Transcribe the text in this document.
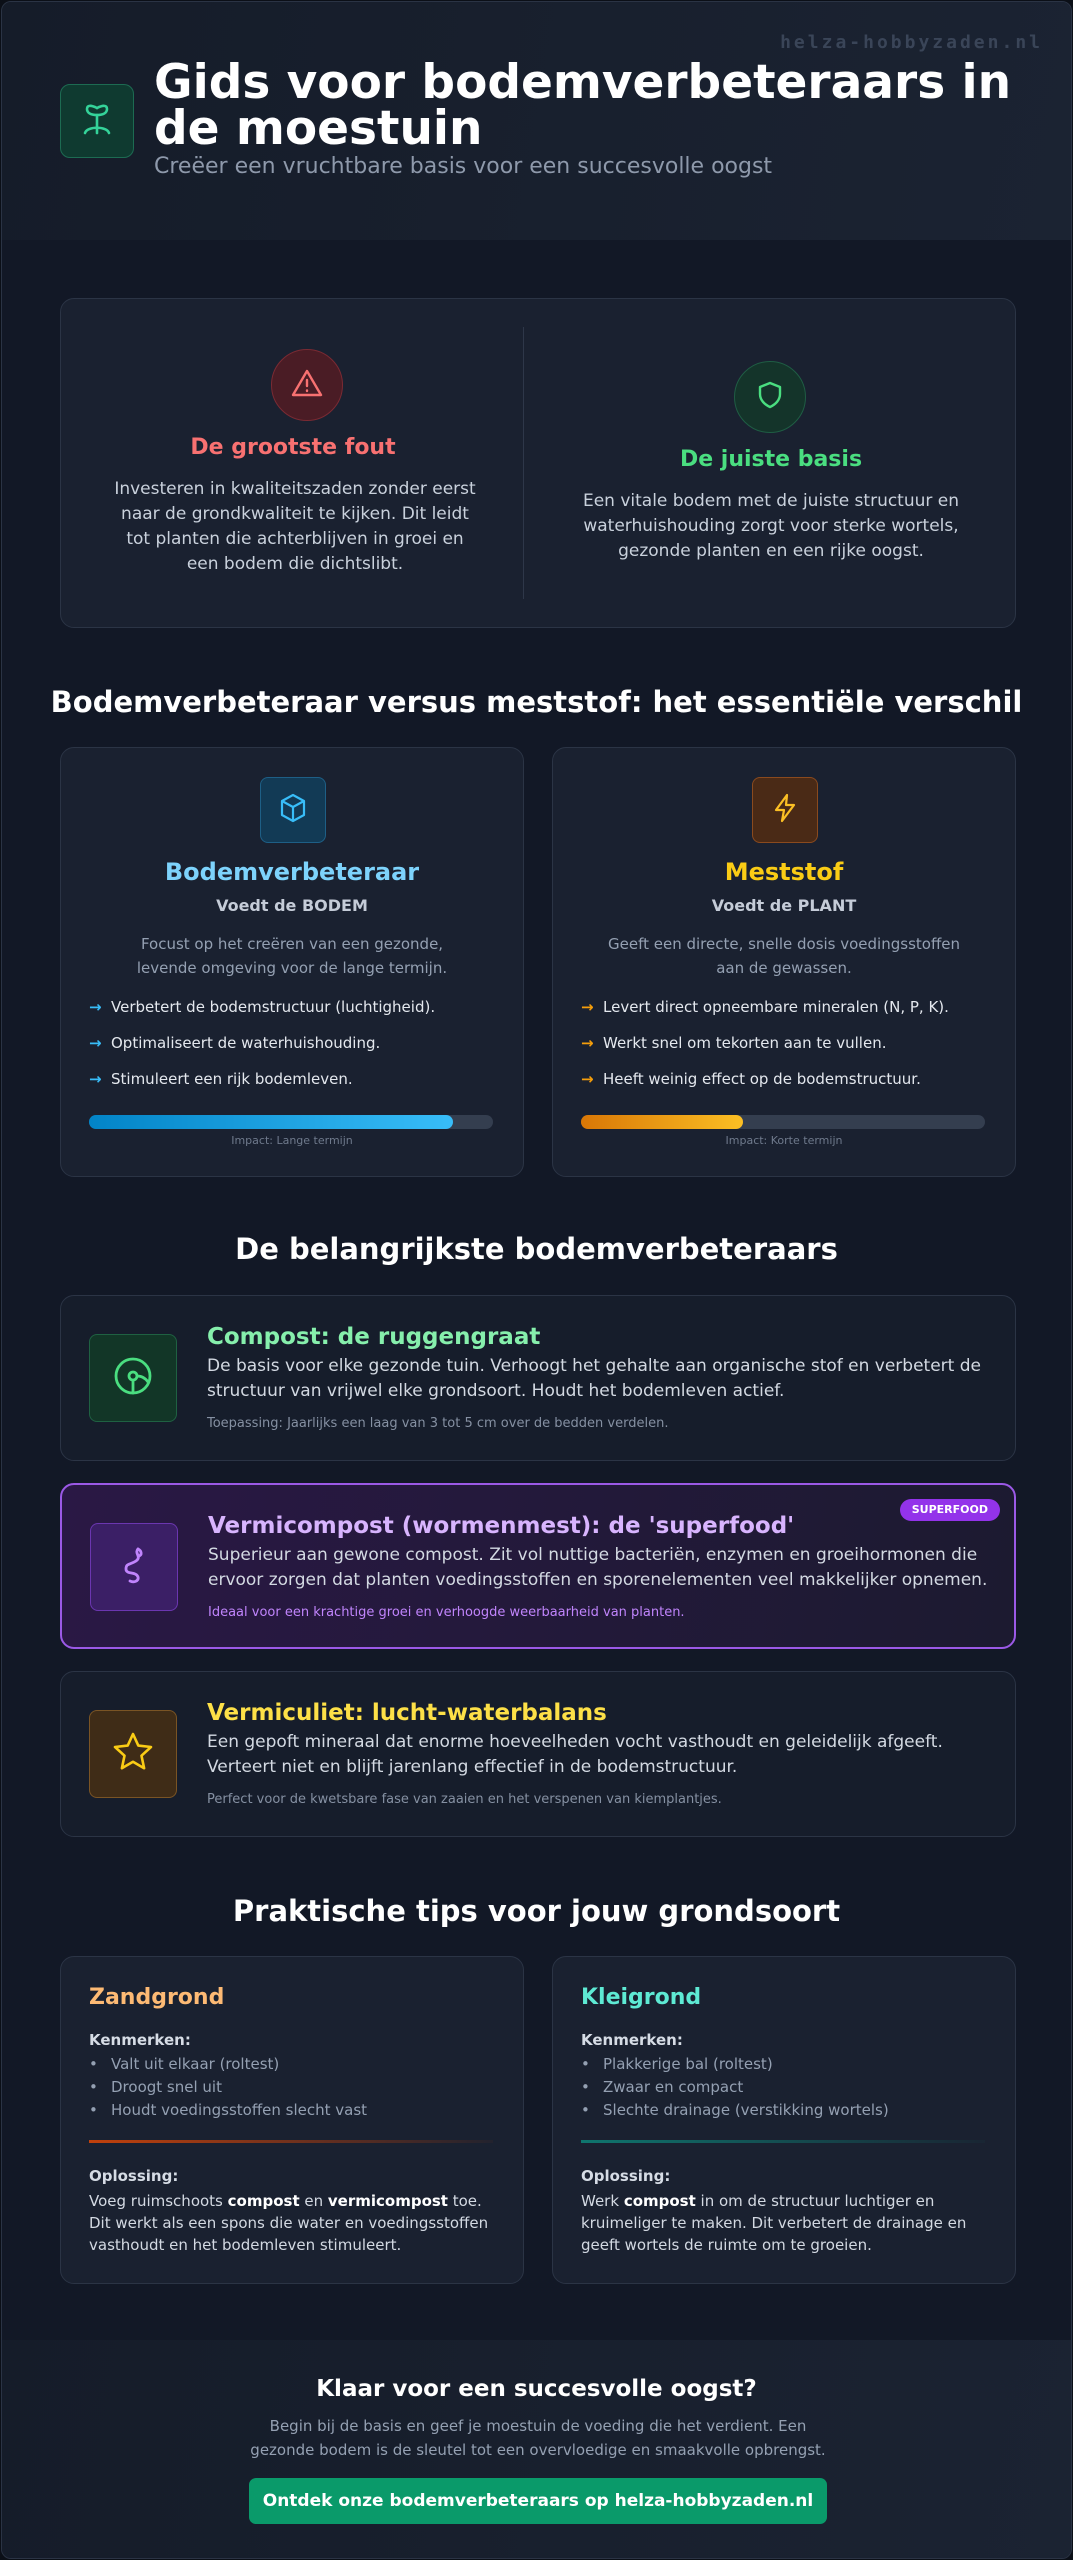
helza-hobbyzaden.nl
Gids voor bodemverbeteraars in de moestuin
Creëer een vruchtbare basis voor een succesvolle oogst
De grootste fout
Investeren in kwaliteitszaden zonder eerst naar de grondkwaliteit te kijken. Dit leidt tot planten die achterblijven in groei en een bodem die dichtslibt.
De juiste basis
Een vitale bodem met de juiste structuur en waterhuishouding zorgt voor sterke wortels, gezonde planten en een rijke oogst.
Bodemverbeteraar versus meststof: het essentiële verschil
Bodemverbeteraar
Voedt de BODEM
Focust op het creëren van een gezonde, levende omgeving voor de lange termijn.
→ Verbetert de bodemstructuur (luchtigheid).
→ Optimaliseert de waterhuishouding.
→ Stimuleert een rijk bodemleven.
Impact: Lange termijn
Meststof
Voedt de PLANT
Geeft een directe, snelle dosis voedingsstoffen aan de gewassen.
→ Levert direct opneembare mineralen (N, P, K).
→ Werkt snel om tekorten aan te vullen.
→ Heeft weinig effect op de bodemstructuur.
Impact: Korte termijn
De belangrijkste bodemverbeteraars
Compost: de ruggengraat
De basis voor elke gezonde tuin. Verhoogt het gehalte aan organische stof en verbetert de structuur van vrijwel elke grondsoort. Houdt het bodemleven actief.
Toepassing: Jaarlijks een laag van 3 tot 5 cm over de bedden verdelen.
SUPERFOOD
Vermicompost (wormenmest): de 'superfood'
Superieur aan gewone compost. Zit vol nuttige bacteriën, enzymen en groeihormonen die ervoor zorgen dat planten voedingsstoffen en sporenelementen veel makkelijker opnemen.
Ideaal voor een krachtige groei en verhoogde weerbaarheid van planten.
Vermiculiet: lucht-waterbalans
Een gepoft mineraal dat enorme hoeveelheden vocht vasthoudt en geleidelijk afgeeft. Verteert niet en blijft jarenlang effectief in de bodemstructuur.
Perfect voor de kwetsbare fase van zaaien en het verspenen van kiemplantjes.
Praktische tips voor jouw grondsoort
Zandgrond
Kenmerken:
• Valt uit elkaar (roltest)
• Droogt snel uit
• Houdt voedingsstoffen slecht vast
Oplossing:
Voeg ruimschoots compost en vermicompost toe. Dit werkt als een spons die water en voedingsstoffen vasthoudt en het bodemleven stimuleert.
Kleigrond
Kenmerken:
• Plakkerige bal (roltest)
• Zwaar en compact
• Slechte drainage (verstikking wortels)
Oplossing:
Werk compost in om de structuur luchtiger en kruimeliger te maken. Dit verbetert de drainage en geeft wortels de ruimte om te groeien.
Klaar voor een succesvolle oogst?
Begin bij de basis en geef je moestuin de voeding die het verdient. Een gezonde bodem is de sleutel tot een overvloedige en smaakvolle opbrengst.
Ontdek onze bodemverbeteraars op helza-hobbyzaden.nl
